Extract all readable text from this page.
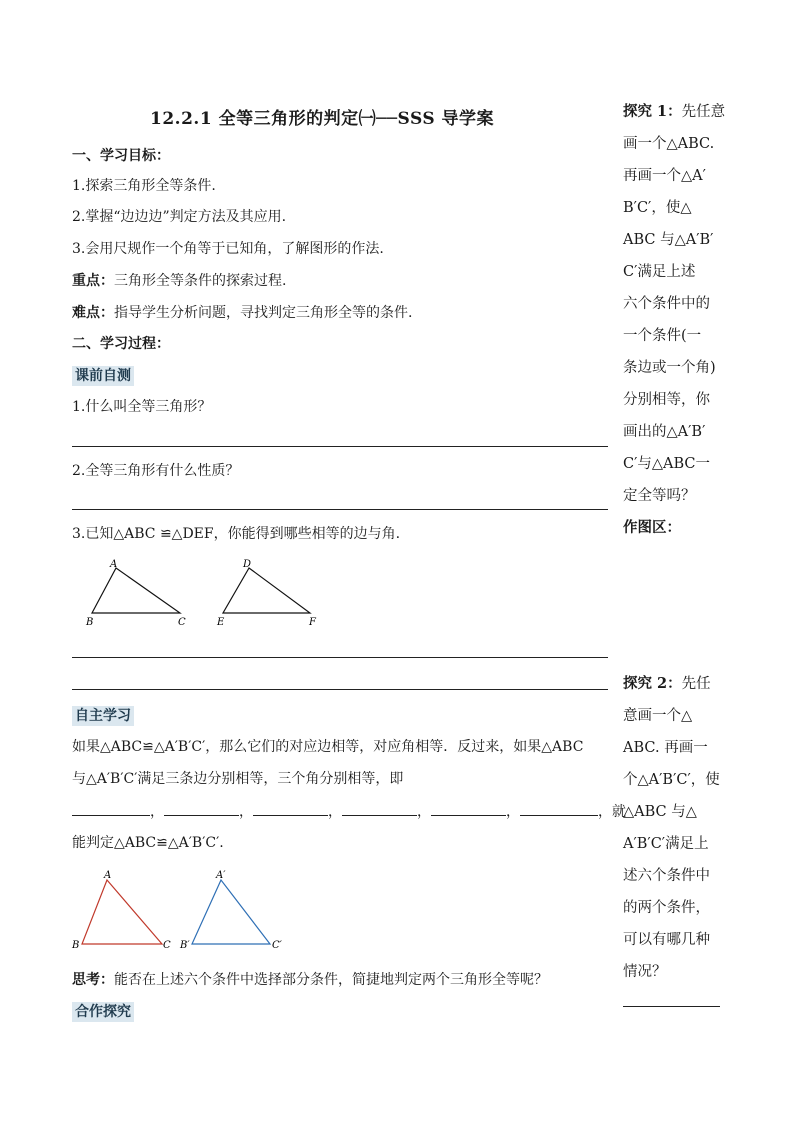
12.2.1 全等三角形的判定㈠──SSS 导学案
一、学习目标：
1.探索三角形全等条件.
2.掌握“边边边”判定方法及其应用.
3.会用尺规作一个角等于已知角，了解图形的作法.
重点：三角形全等条件的探索过程.
难点：指导学生分析问题，寻找判定三角形全等的条件.
二、学习过程：
课前自测
1.什么叫全等三角形？
2.全等三角形有什么性质？
3.已知△ABC ≌△DEF，你能得到哪些相等的边与角.
A
B	C
D
E	F
自主学习
如果△ABC≌△A′B′C′，那么它们的对应边相等，对应角相等．反过来，如果△ABC
与△A′B′C′满足三条边分别相等，三个角分别相等，即
，	，	，	，	，	，就
能判定△ABC≌△A′B′C′.
A
B	C
A′
B′	C′
思考：能否在上述六个条件中选择部分条件，简捷地判定两个三角形全等呢？
合作探究
探究 1：先任意
画一个△ABC.
再画一个△A′
B′C′，使△
ABC 与△A′B′
C′满足上述
六个条件中的
一个条件(一
条边或一个角)
分别相等，你
画出的△A′B′
C′与△ABC一
定全等吗？
作图区：
探究 2：先任
意画一个△
ABC. 再画一
个△A′B′C′，使
△ABC 与△
A′B′C′满足上
述六个条件中
的两个条件，
可以有哪几种
情况？
